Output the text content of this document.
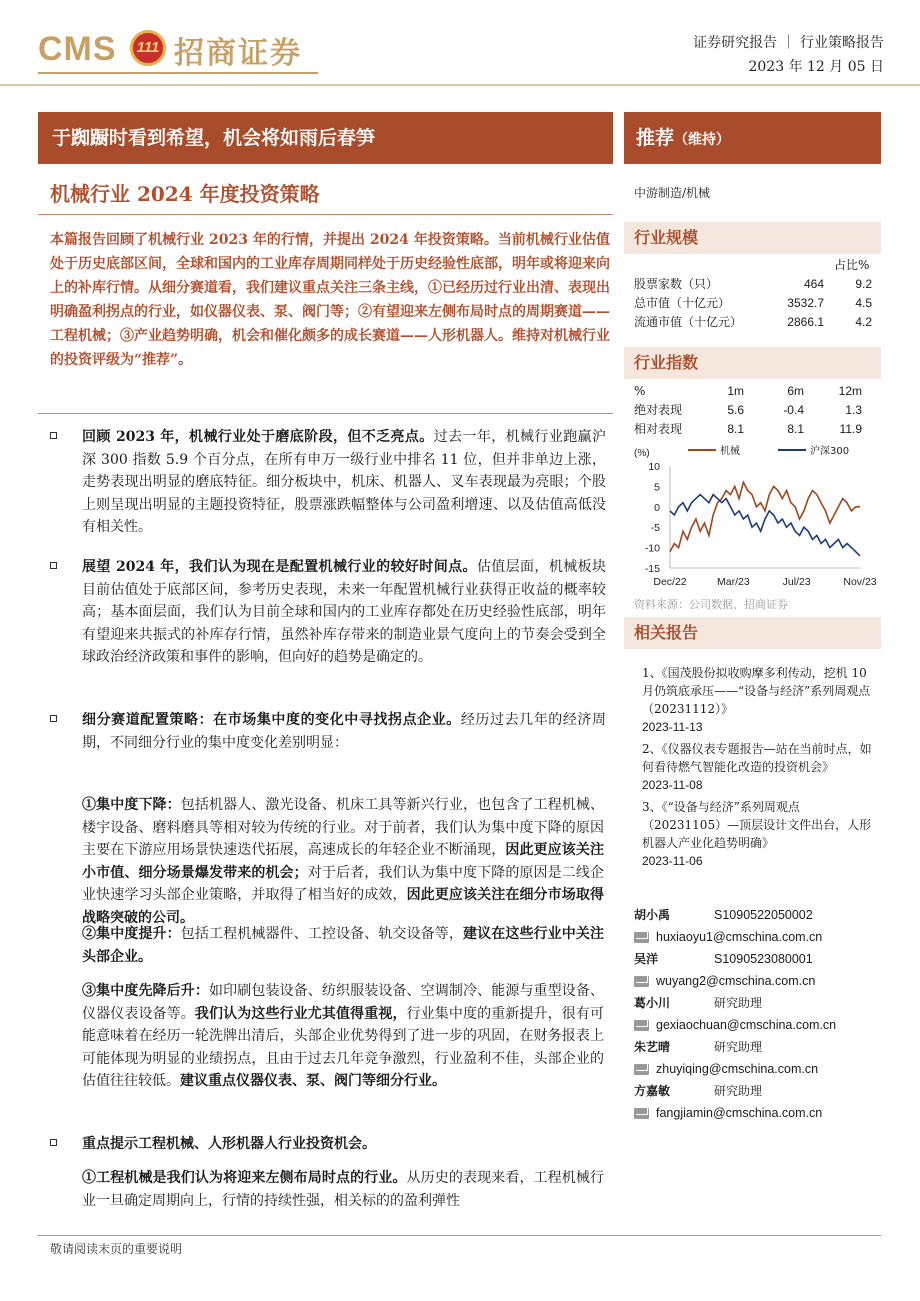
CMS	111 招商证券	证券研究报告 ｜ 行业策略报告
2023 年 12 月 05 日
于踟蹰时看到希望，机会将如雨后春笋	推荐（维持）
机械行业 2024 年度投资策略
本篇报告回顾了机械行业 2023 年的行情，并提出 2024 年投资策略。当前机械行业估值处于历史底部区间，全球和国内的工业库存周期同样处于历史经验性底部，明年或将迎来向上的补库行情。从细分赛道看，我们建议重点关注三条主线，①已经历过行业出清、表现出明确盈利拐点的行业，如仪器仪表、泵、阀门等；②有望迎来左侧布局时点的周期赛道——工程机械；③产业趋势明确，机会和催化颇多的成长赛道——人形机器人。维持对机械行业的投资评级为“推荐”。
回顾 2023 年，机械行业处于磨底阶段，但不乏亮点。过去一年，机械行业跑赢沪深 300 指数 5.9 个百分点，在所有申万一级行业中排名 11 位，但并非单边上涨，走势表现出明显的磨底特征。细分板块中，机床、机器人、叉车表现最为亮眼；个股上则呈现出明显的主题投资特征，股票涨跌幅整体与公司盈利增速、以及估值高低没有相关性。
展望 2024 年，我们认为现在是配置机械行业的较好时间点。估值层面，机械板块目前估值处于底部区间，参考历史表现，未来一年配置机械行业获得正收益的概率较高；基本面层面，我们认为目前全球和国内的工业库存都处在历史经验性底部，明年有望迎来共振式的补库存行情，虽然补库存带来的制造业景气度向上的节奏会受到全球政治经济政策和事件的影响，但向好的趋势是确定的。
细分赛道配置策略：在市场集中度的变化中寻找拐点企业。经历过去几年的经济周期，不同细分行业的集中度变化差别明显：
①集中度下降：包括机器人、激光设备、机床工具等新兴行业，也包含了工程机械、楼宇设备、磨料磨具等相对较为传统的行业。对于前者，我们认为集中度下降的原因主要在下游应用场景快速迭代拓展，高速成长的年轻企业不断涌现，因此更应该关注小市值、细分场景爆发带来的机会；对于后者，我们认为集中度下降的原因是二线企业快速学习头部企业策略，并取得了相当好的成效，因此更应该关注在细分市场取得战略突破的公司。
②集中度提升：包括工程机械器件、工控设备、轨交设备等，建议在这些行业中关注头部企业。
③集中度先降后升：如印刷包装设备、纺织服装设备、空调制冷、能源与重型设备、仪器仪表设备等。我们认为这些行业尤其值得重视，行业集中度的重新提升，很有可能意味着在经历一轮洗牌出清后，头部企业优势得到了进一步的巩固，在财务报表上可能体现为明显的业绩拐点，且由于过去几年竞争激烈，行业盈利不佳，头部企业的估值往往较低。建议重点仪器仪表、泵、阀门等细分行业。
重点提示工程机械、人形机器人行业投资机会。
①工程机械是我们认为将迎来左侧布局时点的行业。从历史的表现来看，工程机械行业一旦确定周期向上，行情的持续性强，相关标的的盈利弹性
中游制造/机械
行业规模
占比%
股票家数（只）	464	9.2
总市值（十亿元）	3532.7	4.5
流通市值（十亿元）	2866.1	4.2
行业指数
%	1m	6m	12m
绝对表现	5.6	-0.4	1.3
相对表现	8.1	8.1	11.9
(%)	机械	沪深300
10
5
0
-5
-10
-15
Dec/22	Mar/23	Jul/23	Nov/23
资料来源：公司数据、招商证券
相关报告
1、《国茂股份拟收购摩多利传动，挖机 10 月仍筑底承压——“设备与经济”系列周观点（20231112）》
2023-11-13
2、《仪器仪表专题报告—站在当前时点，如何看待燃气智能化改造的投资机会》
2023-11-08
3、《“设备与经济”系列周观点（20231105）—顶层设计文件出台，人形机器人产业化趋势明确》
2023-11-06
胡小禹	S1090522050002
huxiaoyu1@cmschina.com.cn
吴洋	S1090523080001
wuyang2@cmschina.com.cn
葛小川	研究助理
gexiaochuan@cmschina.com.cn
朱艺晴	研究助理
zhuyiqing@cmschina.com.cn
方嘉敏	研究助理
fangjiamin@cmschina.com.cn
敬请阅读末页的重要说明
